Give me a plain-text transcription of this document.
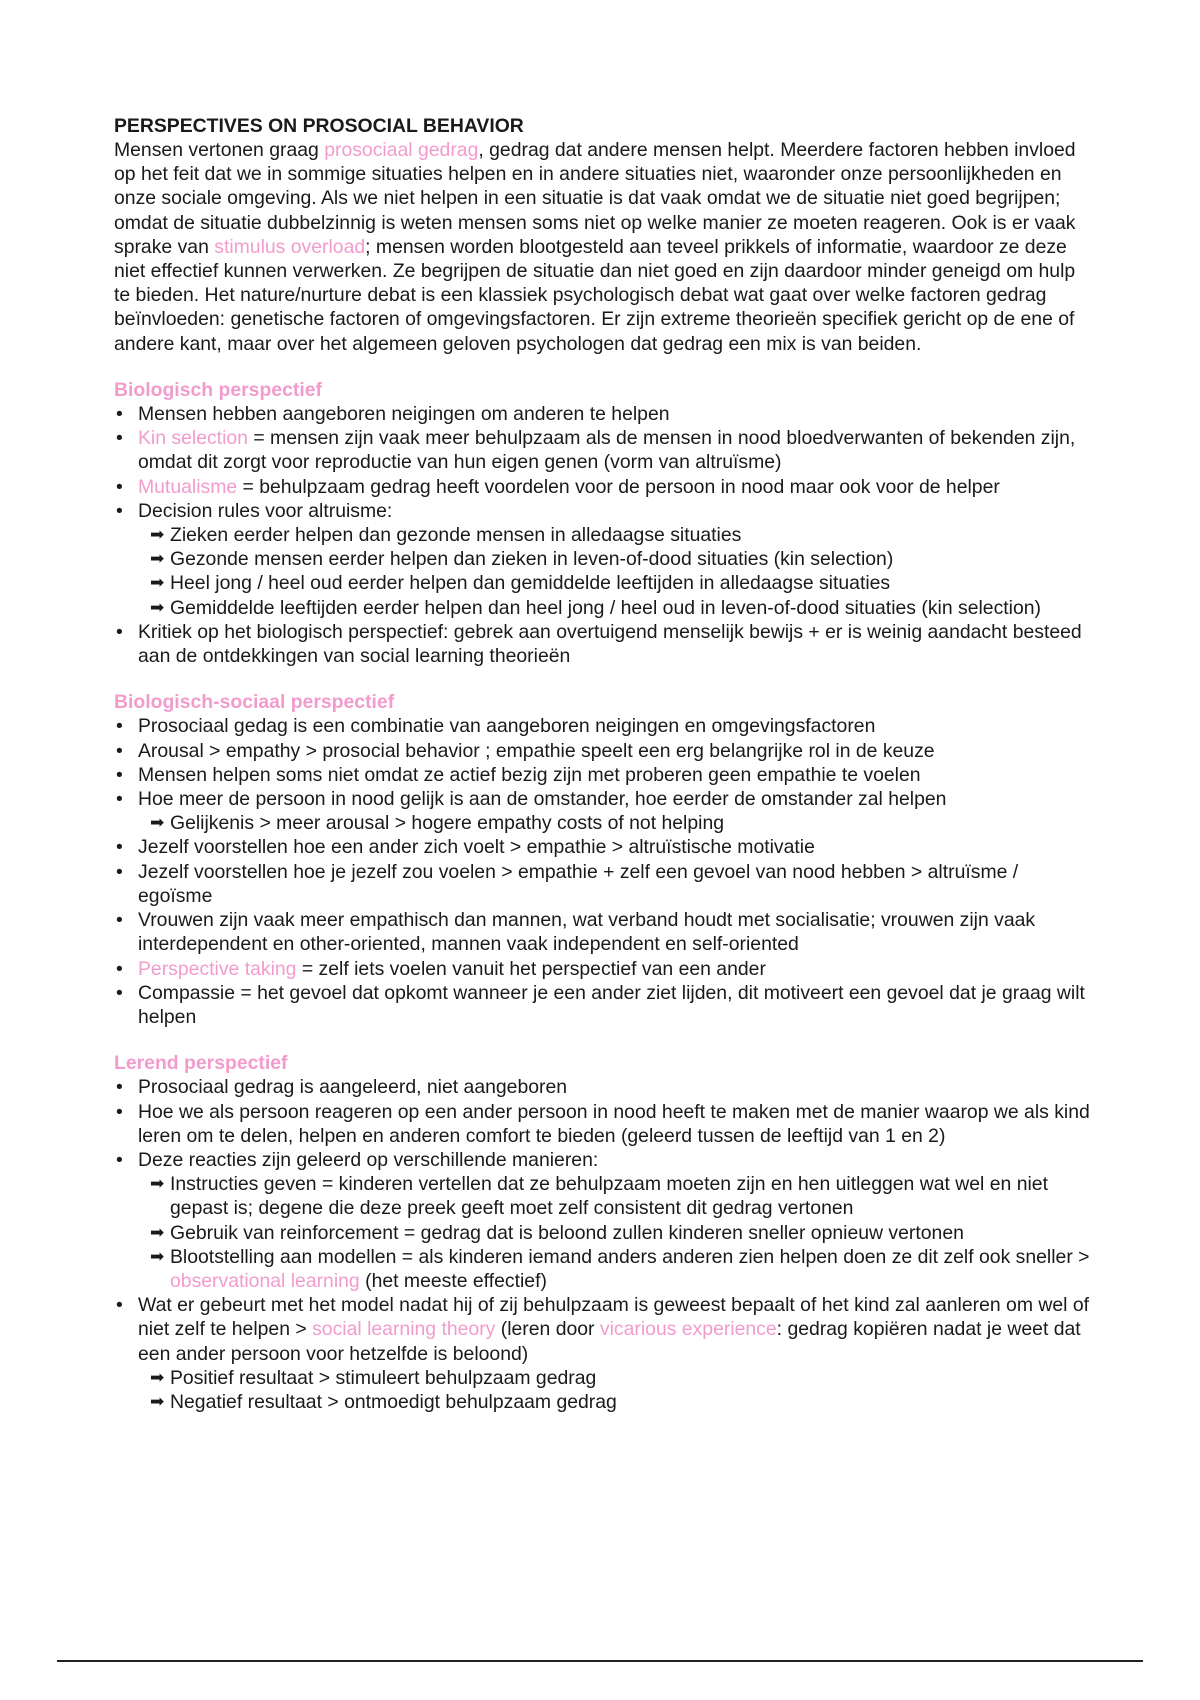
PERSPECTIVES ON PROSOCIAL BEHAVIOR

Mensen vertonen graag prosociaal gedrag, gedrag dat andere mensen helpt. Meerdere factoren hebben invloed op het feit dat we in sommige situaties helpen en in andere situaties niet, waaronder onze persoonlijkheden en onze sociale omgeving. Als we niet helpen in een situatie is dat vaak omdat we de situatie niet goed begrijpen; omdat de situatie dubbelzinnig is weten mensen soms niet op welke manier ze moeten reageren. Ook is er vaak sprake van stimulus overload; mensen worden blootgesteld aan teveel prikkels of informatie, waardoor ze deze niet effectief kunnen verwerken. Ze begrijpen de situatie dan niet goed en zijn daardoor minder geneigd om hulp te bieden. Het nature/nurture debat is een klassiek psychologisch debat wat gaat over welke factoren gedrag beïnvloeden: genetische factoren of omgevingsfactoren. Er zijn extreme theorieën specifiek gericht op de ene of andere kant, maar over het algemeen geloven psychologen dat gedrag een mix is van beiden.

Biologisch perspectief
• Mensen hebben aangeboren neigingen om anderen te helpen
• Kin selection = mensen zijn vaak meer behulpzaam als de mensen in nood bloedverwanten of bekenden zijn, omdat dit zorgt voor reproductie van hun eigen genen (vorm van altruïsme)
• Mutualisme = behulpzaam gedrag heeft voordelen voor de persoon in nood maar ook voor de helper
• Decision rules voor altruisme:
➡ Zieken eerder helpen dan gezonde mensen in alledaagse situaties
➡ Gezonde mensen eerder helpen dan zieken in leven-of-dood situaties (kin selection)
➡ Heel jong / heel oud eerder helpen dan gemiddelde leeftijden in alledaagse situaties
➡ Gemiddelde leeftijden eerder helpen dan heel jong / heel oud in leven-of-dood situaties (kin selection)
• Kritiek op het biologisch perspectief: gebrek aan overtuigend menselijk bewijs + er is weinig aandacht besteed aan de ontdekkingen van social learning theorieën
Biologisch-sociaal perspectief
• Prosociaal gedag is een combinatie van aangeboren neigingen en omgevingsfactoren
• Arousal > empathy > prosocial behavior ; empathie speelt een erg belangrijke rol in de keuze
• Mensen helpen soms niet omdat ze actief bezig zijn met proberen geen empathie te voelen
• Hoe meer de persoon in nood gelijk is aan de omstander, hoe eerder de omstander zal helpen
➡ Gelijkenis > meer arousal > hogere empathy costs of not helping
• Jezelf voorstellen hoe een ander zich voelt > empathie > altruïstische motivatie
• Jezelf voorstellen hoe je jezelf zou voelen > empathie + zelf een gevoel van nood hebben > altruïsme / egoïsme
• Vrouwen zijn vaak meer empathisch dan mannen, wat verband houdt met socialisatie; vrouwen zijn vaak interdependent en other-oriented, mannen vaak independent en self-oriented
• Perspective taking = zelf iets voelen vanuit het perspectief van een ander
• Compassie = het gevoel dat opkomt wanneer je een ander ziet lijden, dit motiveert een gevoel dat je graag wilt helpen
Lerend perspectief
• Prosociaal gedrag is aangeleerd, niet aangeboren
• Hoe we als persoon reageren op een ander persoon in nood heeft te maken met de manier waarop we als kind leren om te delen, helpen en anderen comfort te bieden (geleerd tussen de leeftijd van 1 en 2)
• Deze reacties zijn geleerd op verschillende manieren:
➡ Instructies geven = kinderen vertellen dat ze behulpzaam moeten zijn en hen uitleggen wat wel en niet gepast is; degene die deze preek geeft moet zelf consistent dit gedrag vertonen
➡ Gebruik van reinforcement = gedrag dat is beloond zullen kinderen sneller opnieuw vertonen
➡ Blootstelling aan modellen = als kinderen iemand anders anderen zien helpen doen ze dit zelf ook sneller > observational learning (het meeste effectief)
• Wat er gebeurt met het model nadat hij of zij behulpzaam is geweest bepaalt of het kind zal aanleren om wel of niet zelf te helpen > social learning theory (leren door vicarious experience: gedrag kopiëren nadat je weet dat een ander persoon voor hetzelfde is beloond)
➡ Positief resultaat > stimuleert behulpzaam gedrag
➡ Negatief resultaat > ontmoedigt behulpzaam gedrag
